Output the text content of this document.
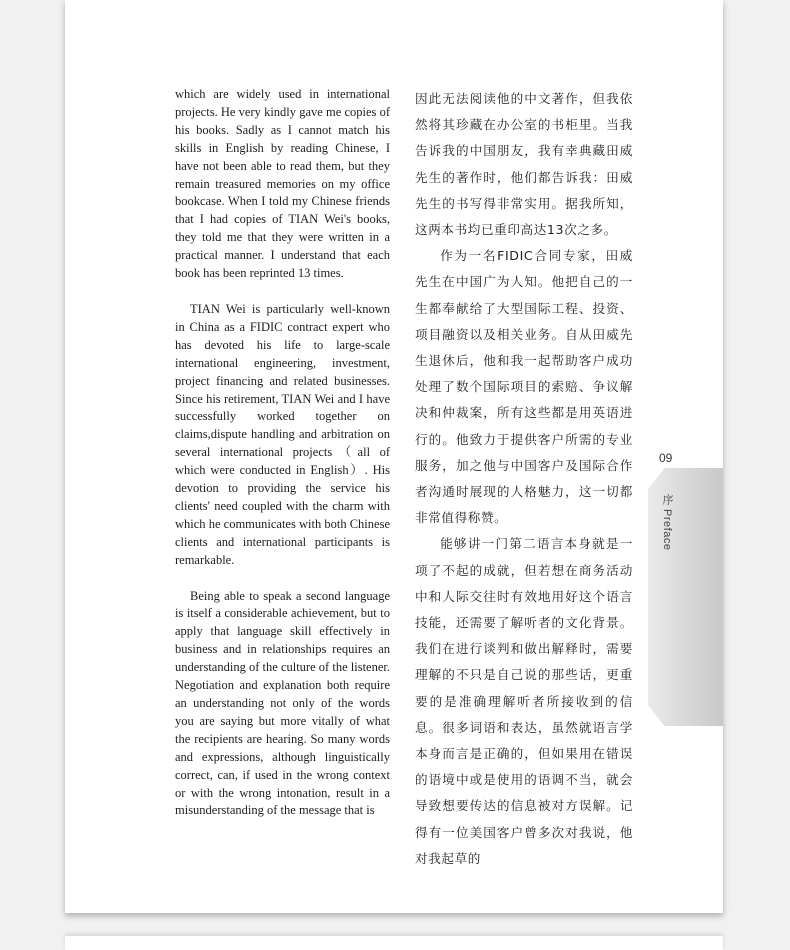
which are widely used in international projects. He very kindly gave me copies of his books. Sadly as I cannot match his skills in English by reading Chinese, I have not been able to read them, but they remain treasured memories on my office bookcase. When I told my Chinese friends that I had copies of TIAN Wei's books, they told me that they were written in a practical manner. I understand that each book has been reprinted 13 times.

TIAN Wei is particularly well-known in China as a FIDIC contract expert who has devoted his life to large-scale international engineering, investment, project financing and related businesses. Since his retirement, TIAN Wei and I have successfully worked together on claims,dispute handling and arbitration on several international projects（all of which were conducted in English）. His devotion to providing the service his clients' need coupled with the charm with which he communicates with both Chinese clients and international participants is remarkable.

Being able to speak a second language is itself a considerable achievement, but to apply that language skill effectively in business and in relationships requires an understanding of the culture of the listener. Negotiation and explanation both require an understanding not only of the words you are saying but more vitally of what the recipients are hearing. So many words and expressions, although linguistically correct, can, if used in the wrong context or with the wrong intonation, result in a misunderstanding of the message that is

因此无法阅读他的中文著作，但我依然将其珍藏在办公室的书柜里。当我告诉我的中国朋友，我有幸典藏田威先生的著作时，他们都告诉我：田威先生的书写得非常实用。据我所知，这两本书均已重印高达13次之多。

作为一名FIDIC合同专家，田威先生在中国广为人知。他把自己的一生都奉献给了大型国际工程、投资、项目融资以及相关业务。自从田威先生退休后，他和我一起帮助客户成功处理了数个国际项目的索赔、争议解决和仲裁案，所有这些都是用英语进行的。他致力于提供客户所需的专业服务，加之他与中国客户及国际合作者沟通时展现的人格魅力，这一切都非常值得称赞。

能够讲一门第二语言本身就是一项了不起的成就，但若想在商务活动中和人际交往时有效地用好这个语言技能，还需要了解听者的文化背景。我们在进行谈判和做出解释时，需要理解的不只是自己说的那些话，更重要的是准确理解听者所接收到的信息。很多词语和表达，虽然就语言学本身而言是正确的，但如果用在错误的语境中或是使用的语调不当，就会导致想要传达的信息被对方误解。记得有一位美国客户曾多次对我说，他对我起草的

09
序 Preface
